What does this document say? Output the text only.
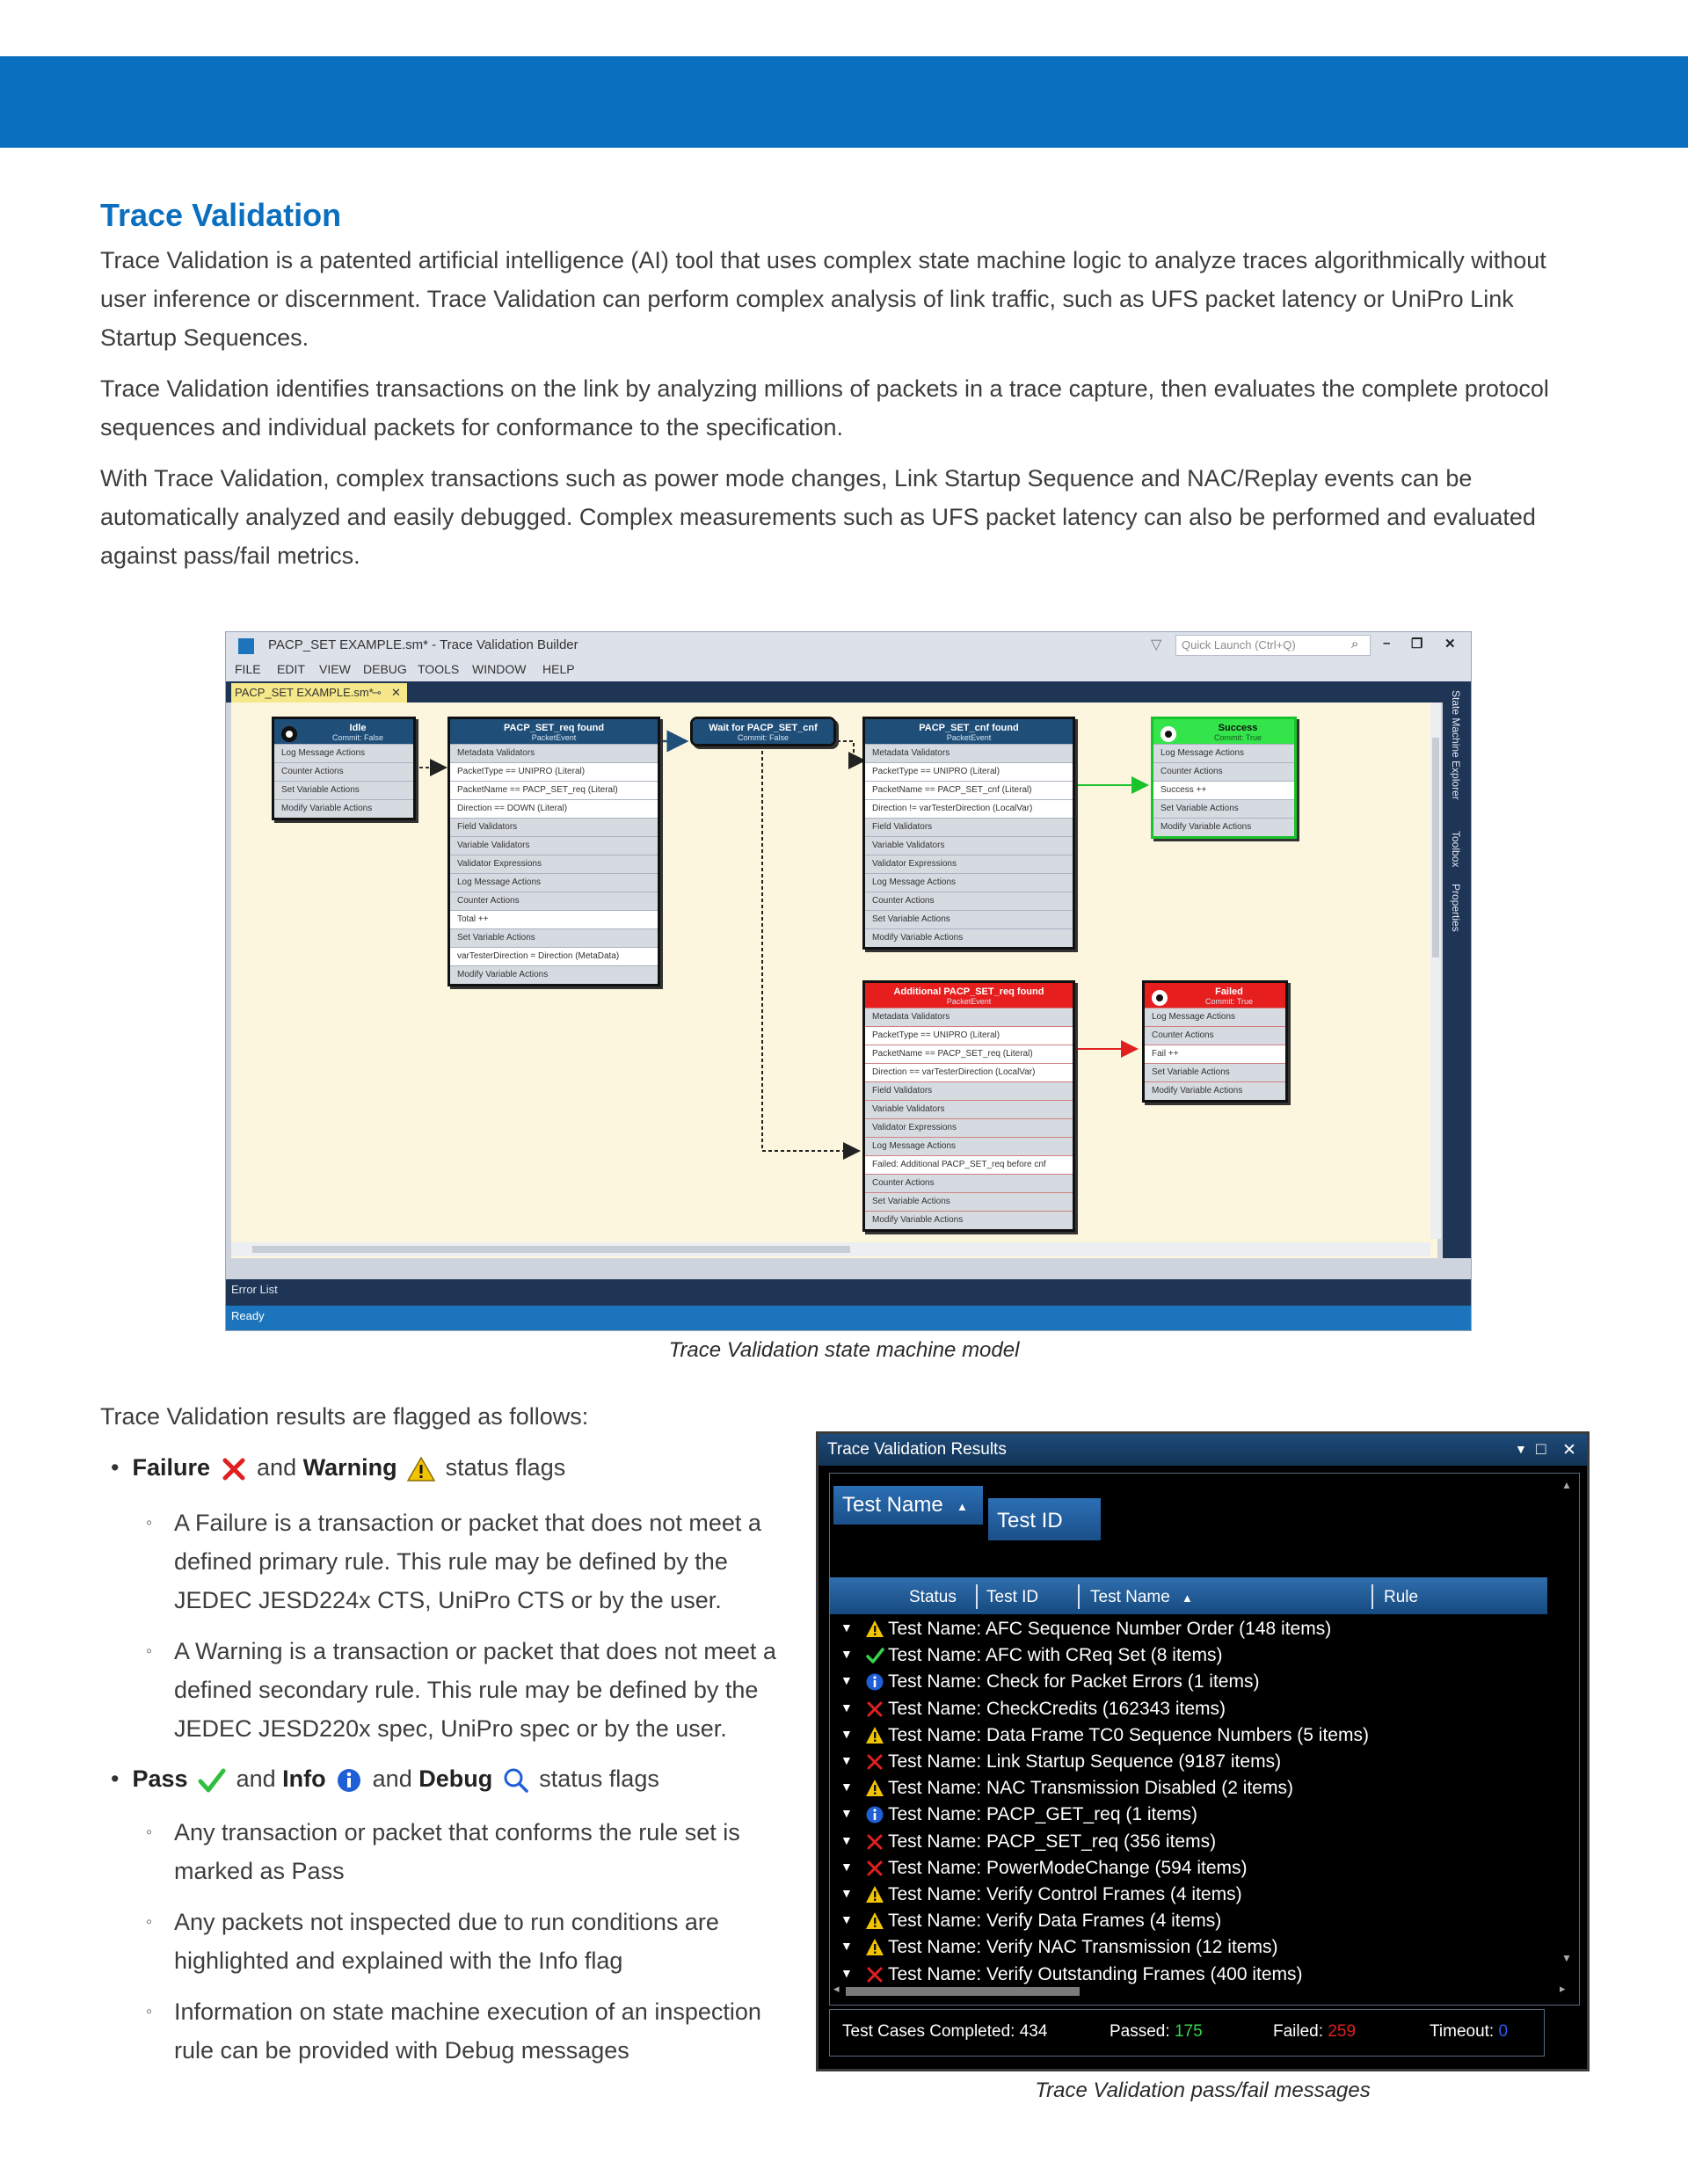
Trace Validation
Trace Validation is a patented artificial intelligence (AI) tool that uses complex state machine logic to analyze traces algorithmically without user inference or discernment. Trace Validation can perform complex analysis of link traffic, such as UFS packet latency or UniPro Link Startup Sequences.
Trace Validation identifies transactions on the link by analyzing millions of packets in a trace capture, then evaluates the complete protocol sequences and individual packets for conformance to the specification.
With Trace Validation, complex transactions such as power mode changes, Link Startup Sequence and NAC/Replay events can be automatically analyzed and easily debugged. Complex measurements such as UFS packet latency can also be performed and evaluated against pass/fail metrics.
PACP_SET EXAMPLE.sm* - Trace Validation Builder	▽ Quick Launch (Ctrl+Q)	⌕ – ❐ ✕
FILE EDIT VIEW DEBUG TOOLS WINDOW HELP
PACP_SET EXAMPLE.sm*
⊸ ✕
Idle
Commit: False
Log Message Actions
Counter Actions
Set Variable Actions
Modify Variable Actions
PACP_SET_req found
PacketEvent
Metadata Validators
PacketType == UNIPRO (Literal)
PacketName == PACP_SET_req (Literal)
Direction == DOWN (Literal)
Field Validators
Variable Validators
Validator Expressions
Log Message Actions
Counter Actions
Total ++
Set Variable Actions
varTesterDirection = Direction (MetaData)
Modify Variable Actions
Wait for PACP_SET_cnf
Commit: False
PACP_SET_cnf found
PacketEvent
Metadata Validators
PacketType == UNIPRO (Literal)
PacketName == PACP_SET_cnf (Literal)
Direction != varTesterDirection (LocalVar)
Field Validators
Variable Validators
Validator Expressions
Log Message Actions
Counter Actions
Set Variable Actions
Modify Variable Actions
Success
Commit: True
Log Message Actions
Counter Actions
Success ++
Set Variable Actions
Modify Variable Actions
Additional PACP_SET_req found
PacketEvent
Metadata Validators
PacketType == UNIPRO (Literal)
PacketName == PACP_SET_req (Literal)
Direction == varTesterDirection (LocalVar)
Field Validators
Variable Validators
Validator Expressions
Log Message Actions
Failed: Additional PACP_SET_req before cnf
Counter Actions
Set Variable Actions
Modify Variable Actions
Failed
Commit: True
Log Message Actions
Counter Actions
Fail ++
Set Variable Actions
Modify Variable Actions
State Machine Explorer
Toolbox
Properties
Error List
Ready
Trace Validation state machine model
Trace Validation results are flagged as follows:
• Failure and Warning status flags
◦ A Failure is a transaction or packet that does not meet a defined primary rule. This rule may be defined by the JEDEC JESD224x CTS, UniPro CTS or by the user.
◦ A Warning is a transaction or packet that does not meet a defined secondary rule. This rule may be defined by the JEDEC JESD220x spec, UniPro spec or by the user.
• Pass and Info and Debug status flags
◦ Any transaction or packet that conforms the rule set is marked as Pass
◦ Any packets not inspected due to run conditions are highlighted and explained with the Info flag
◦ Information on state machine execution of an inspection rule can be provided with Debug messages
Trace Validation Results	▼ □ ✕
Test Name ▲
Test ID
Status Test ID	Test Name ▲	Rule
▼ Test Name: AFC Sequence Number Order (148 items)
▼ Test Name: AFC with CReq Set (8 items)
▼ Test Name: Check for Packet Errors (1 items)
▼ Test Name: CheckCredits (162343 items)
▼ Test Name: Data Frame TC0 Sequence Numbers (5 items)
▼ Test Name: Link Startup Sequence (9187 items)
▼ Test Name: NAC Transmission Disabled (2 items)
▼ Test Name: PACP_GET_req (1 items)
▼ Test Name: PACP_SET_req (356 items)
▼ Test Name: PowerModeChange (594 items)
▼ Test Name: Verify Control Frames (4 items)
▼ Test Name: Verify Data Frames (4 items)
▼ Test Name: Verify NAC Transmission (12 items)
▼ Test Name: Verify Outstanding Frames (400 items)
▲
▼
◂	▸
Test Cases Completed: 434	Passed: 175	Failed: 259	Timeout: 0
Trace Validation pass/fail messages
